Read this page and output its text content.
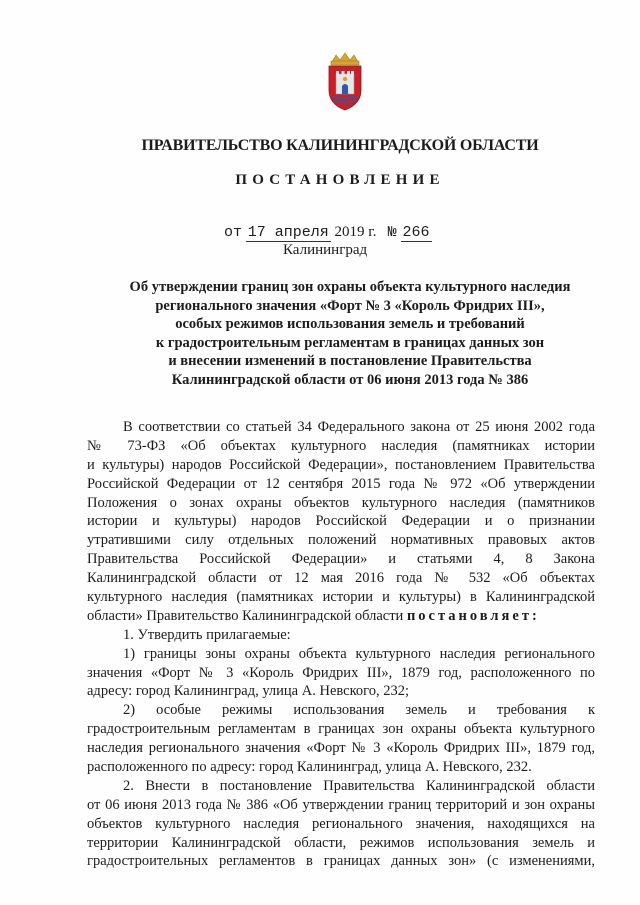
ПРАВИТЕЛЬСТВО КАЛИНИНГРАДСКОЙ ОБЛАСТИ
ПОСТАНОВЛЕНИЕ
от 17 апреля 2019 г. № 266
Калининград
Об утверждении границ зон охраны объекта культурного наследия
регионального значения «Форт № 3 «Король Фридрих III»,
особых режимов использования земель и требований
к градостроительным регламентам в границах данных зон
и внесении изменений в постановление Правительства
Калининградской области от 06 июня 2013 года № 386
В соответствии со статьей 34 Федерального закона от 25 июня 2002 года
№ 73-ФЗ «Об объектах культурного наследия (памятниках истории
и культуры) народов Российской Федерации», постановлением Правительства
Российской Федерации от 12 сентября 2015 года № 972 «Об утверждении
Положения о зонах охраны объектов культурного наследия (памятников
истории и культуры) народов Российской Федерации и о признании
утратившими силу отдельных положений нормативных правовых актов
Правительства Российской Федерации» и статьями 4, 8 Закона
Калининградской области от 12 мая 2016 года № 532 «Об объектах
культурного наследия (памятниках истории и культуры) в Калининградской
области» Правительство Калининградской области постановляет:
1. Утвердить прилагаемые:
1) границы зоны охраны объекта культурного наследия регионального
значения «Форт № 3 «Король Фридрих III», 1879 год, расположенного по
адресу: город Калининград, улица А. Невского, 232;
2) особые режимы использования земель и требования к
градостроительным регламентам в границах зон охраны объекта культурного
наследия регионального значения «Форт № 3 «Король Фридрих III», 1879 год,
расположенного по адресу: город Калининград, улица А. Невского, 232.
2. Внести в постановление Правительства Калининградской области
от 06 июня 2013 года № 386 «Об утверждении границ территорий и зон охраны
объектов культурного наследия регионального значения, находящихся на
территории Калининградской области, режимов использования земель и
градостроительных регламентов в границах данных зон» (с изменениями,
